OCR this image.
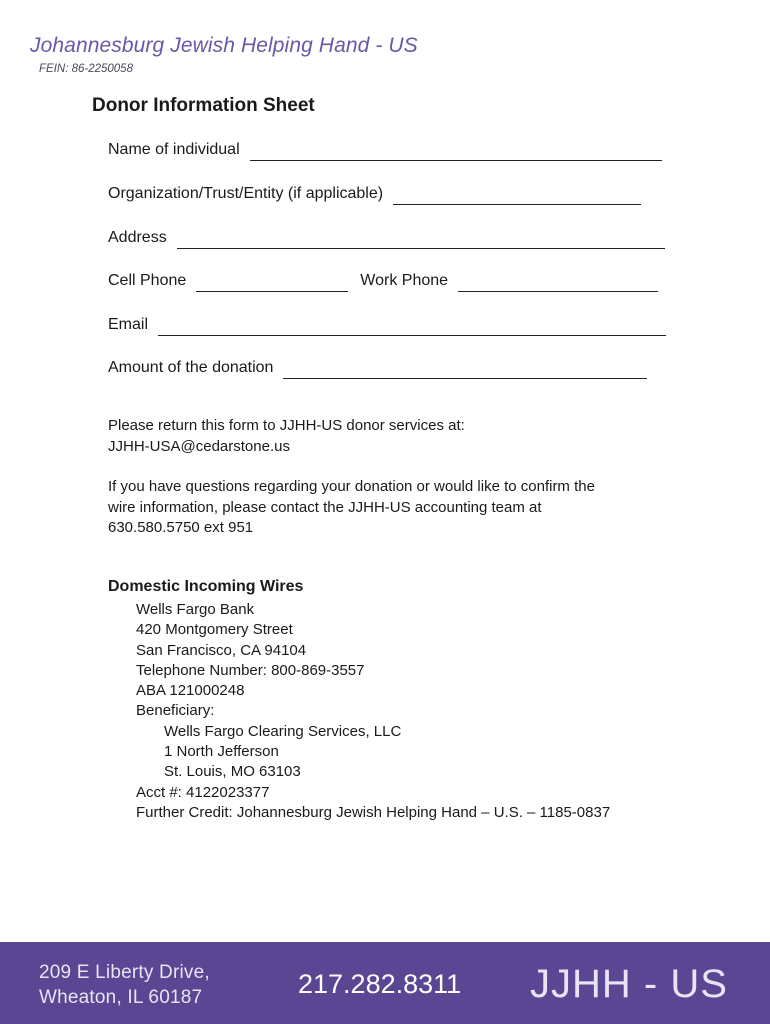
Johannesburg Jewish Helping Hand - US
FEIN: 86-2250058
Donor Information Sheet
Name of individual
Organization/Trust/Entity (if applicable)
Address
Cell Phone	Work Phone
Email
Amount of the donation
Please return this form to JJHH-US donor services at:
JJHH-USA@cedarstone.us
If you have questions regarding your donation or would like to confirm the
wire information, please contact the JJHH-US accounting team at
630.580.5750 ext 951
Domestic Incoming Wires
Wells Fargo Bank
420 Montgomery Street
San Francisco, CA 94104
Telephone Number: 800-869-3557
ABA 121000248
Beneficiary:
Wells Fargo Clearing Services, LLC
1 North Jefferson
St. Louis, MO 63103
Acct #: 4122023377
Further Credit: Johannesburg Jewish Helping Hand – U.S. – 1185-0837
209 E Liberty Drive,
Wheaton, IL 60187	217.282.8311 JJHH - US
